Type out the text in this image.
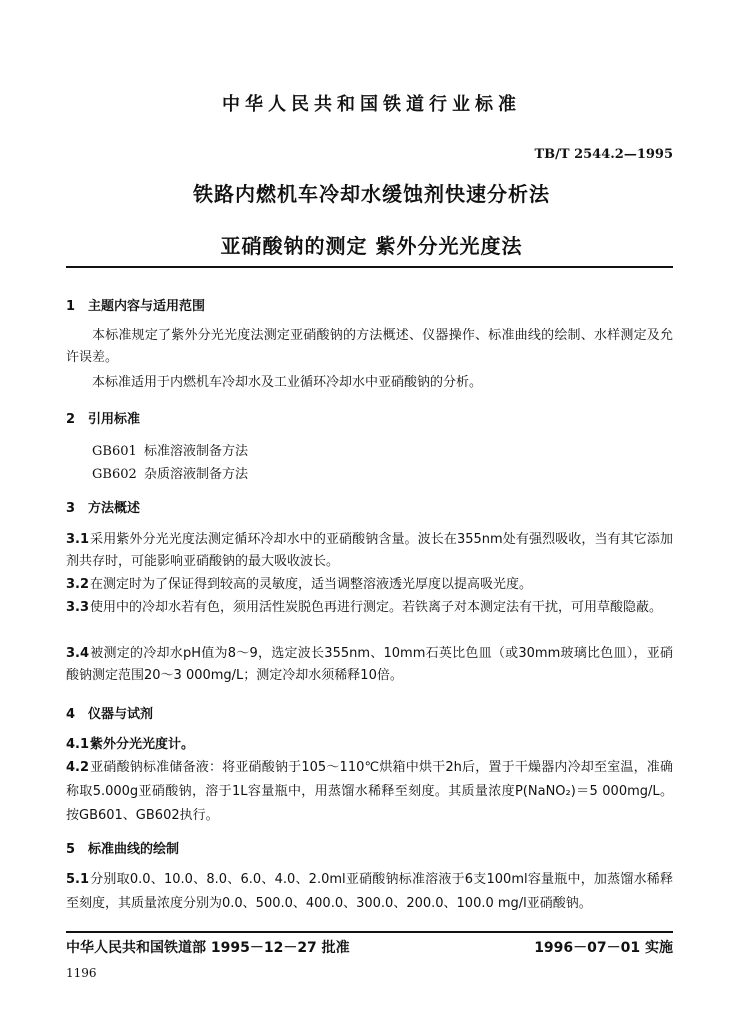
中华人民共和国铁道行业标准
TB/T 2544.2—1995
铁路内燃机车冷却水缓蚀剂快速分析法
亚硝酸钠的测定 紫外分光光度法
1 主题内容与适用范围
本标准规定了紫外分光光度法测定亚硝酸钠的方法概述、仪器操作、标准曲线的绘制、水样测定及允许误差。
本标准适用于内燃机车冷却水及工业循环冷却水中亚硝酸钠的分析。
2 引用标准
GB601 标准溶液制备方法
GB602 杂质溶液制备方法
3 方法概述
3.1采用紫外分光光度法测定循环冷却水中的亚硝酸钠含量。波长在355nm处有强烈吸收，当有其它添加剂共存时，可能影响亚硝酸钠的最大吸收波长。
3.2在测定时为了保证得到较高的灵敏度，适当调整溶液透光厚度以提高吸光度。
3.3使用中的冷却水若有色，须用活性炭脱色再进行测定。若铁离子对本测定法有干扰，可用草酸隐蔽。
3.4被测定的冷却水pH值为8～9，选定波长355nm、10mm石英比色皿（或30mm玻璃比色皿），亚硝酸钠测定范围20～3 000mg/L；测定冷却水须稀释10倍。
4 仪器与试剂
4.1紫外分光光度计。
4.2亚硝酸钠标准储备液：将亚硝酸钠于105～110℃烘箱中烘干2h后，置于干燥器内冷却至室温，准确称取5.000g亚硝酸钠，溶于1L容量瓶中，用蒸馏水稀释至刻度。其质量浓度P(NaNO₂)＝5 000mg/L。按GB601、GB602执行。
5 标准曲线的绘制
5.1分别取0.0、10.0、8.0、6.0、4.0、2.0ml亚硝酸钠标准溶液于6支100ml容量瓶中，加蒸馏水稀释至刻度，其质量浓度分别为0.0、500.0、400.0、300.0、200.0、100.0 mg/l亚硝酸钠。
中华人民共和国铁道部 1995－12－27 批准	1996－07－01 实施
1196
